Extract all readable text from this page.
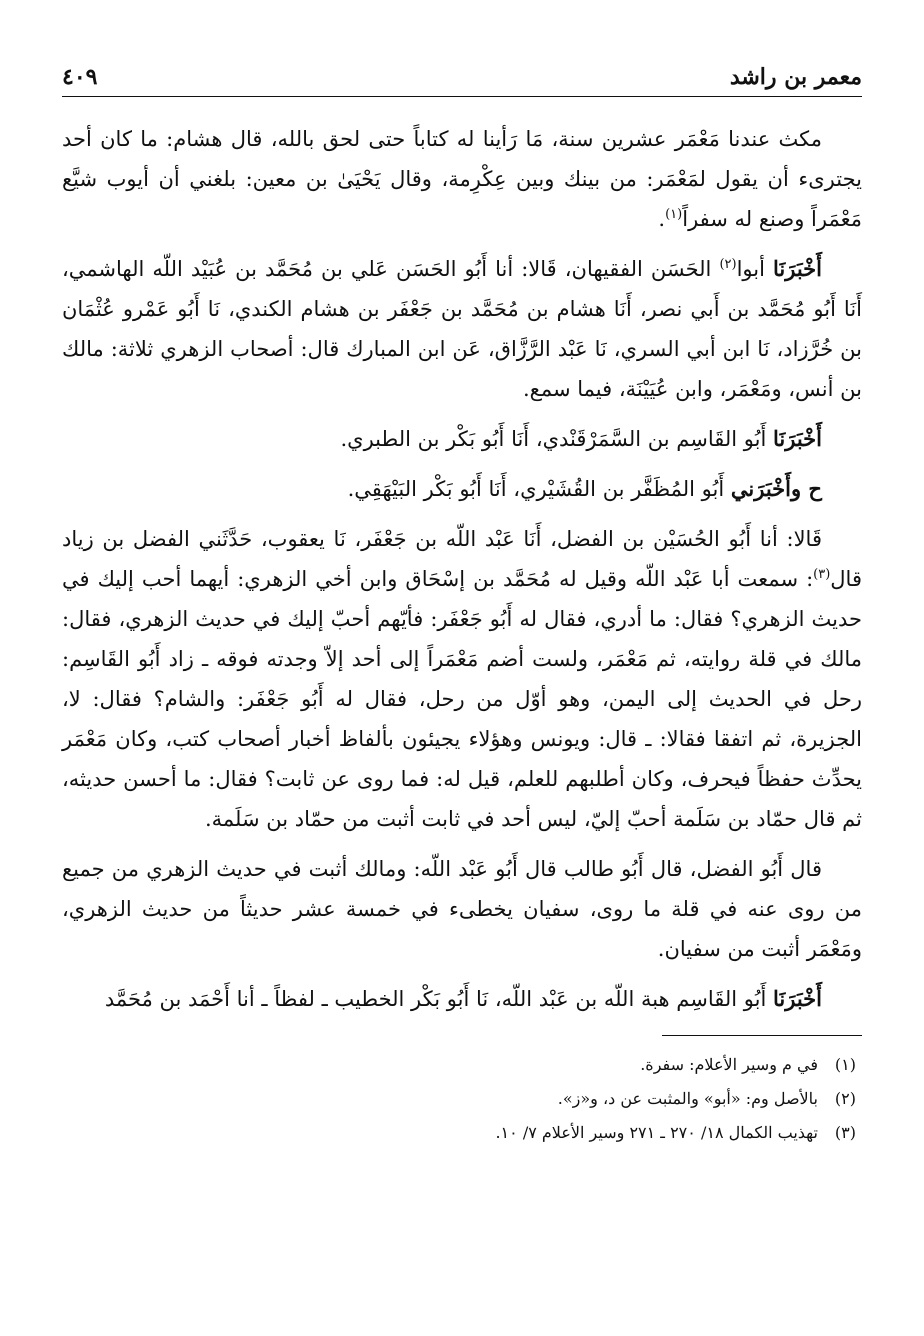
معمر بن راشد
٤٠٩

مكث عندنا مَعْمَر عشرين سنة، مَا رَأينا له كتاباً حتى لحق بالله، قال هشام: ما كان أحد يجترىء أن يقول لمَعْمَر: من بينك وبين عِكْرِمة، وقال يَحْيَىٰ بن معين: بلغني أن أيوب شيَّع مَعْمَراً وصنع له سفراً$^{(١)}$.

أَخْبَرَنَا أبوا$^{(٢)}$ الحَسَن الفقيهان، قَالا: أنا أَبُو الحَسَن عَلي بن مُحَمَّد بن عُبَيْد اللّه الهاشمي، أَنَا أَبُو مُحَمَّد بن أَبي نصر، أَنَا هشام بن مُحَمَّد بن جَعْفَر بن هشام الكندي، نَا أَبُو عَمْرو عُثْمَان بن خُرَّزاد، نَا ابن أبي السري، نَا عَبْد الرَّزَّاق، عَن ابن المبارك قال: أصحاب الزهري ثلاثة: مالك بن أنس، ومَعْمَر، وابن عُيَيْنَة، فيما سمع.

أَخْبَرَنَا أَبُو القَاسِم بن السَّمَرْقَنْدي، أَنَا أَبُو بَكْر بن الطبري.

ح وأَخْبَرَني أَبُو المُظَفَّر بن القُشَيْري، أَنَا أَبُو بَكْر البَيْهَقِي.

قَالا: أنا أَبُو الحُسَيْن بن الفضل، أَنَا عَبْد اللّه بن جَعْفَر، نَا يعقوب، حَدَّثَني الفضل بن زياد قال$^{(٣)}$: سمعت أبا عَبْد اللّه وقيل له مُحَمَّد بن إسْحَاق وابن أخي الزهري: أيهما أحب إليك في حديث الزهري؟ فقال: ما أدري، فقال له أَبُو جَعْفَر: فأيّهم أحبّ إليك في حديث الزهري، فقال: مالك في قلة روايته، ثم مَعْمَر، ولست أضم مَعْمَراً إلى أحد إلاّ وجدته فوقه ـ زاد أَبُو القَاسِم: رحل في الحديث إلى اليمن، وهو أوّل من رحل، فقال له أَبُو جَعْفَر: والشام؟ فقال: لا، الجزيرة، ثم اتفقا فقالا: ـ قال: ويونس وهؤلاء يجيئون بألفاظ أخبار أصحاب كتب، وكان مَعْمَر يحدِّث حفظاً فيحرف، وكان أطلبهم للعلم، قيل له: فما روى عن ثابت؟ فقال: ما أحسن حديثه، ثم قال حمّاد بن سَلَمة أحبّ إليّ، ليس أحد في ثابت أثبت من حمّاد بن سَلَمة.

قال أَبُو الفضل، قال أَبُو طالب قال أَبُو عَبْد اللّه: ومالك أثبت في حديث الزهري من جميع من روى عنه في قلة ما روى، سفيان يخطىء في خمسة عشر حديثاً من حديث الزهري، ومَعْمَر أثبت من سفيان.

أَخْبَرَنَا أَبُو القَاسِم هبة اللّه بن عَبْد اللّه، نَا أَبُو بَكْر الخطيب ـ لفظاً ـ أنا أَحْمَد بن مُحَمَّد

(١)
في م وسير الأعلام: سفرة.
(٢)
بالأصل وم: «أبو» والمثبت عن د، و«ز».
(٣)
تهذيب الكمال ١٨/ ٢٧٠ ـ ٢٧١ وسير الأعلام ٧/ ١٠.
